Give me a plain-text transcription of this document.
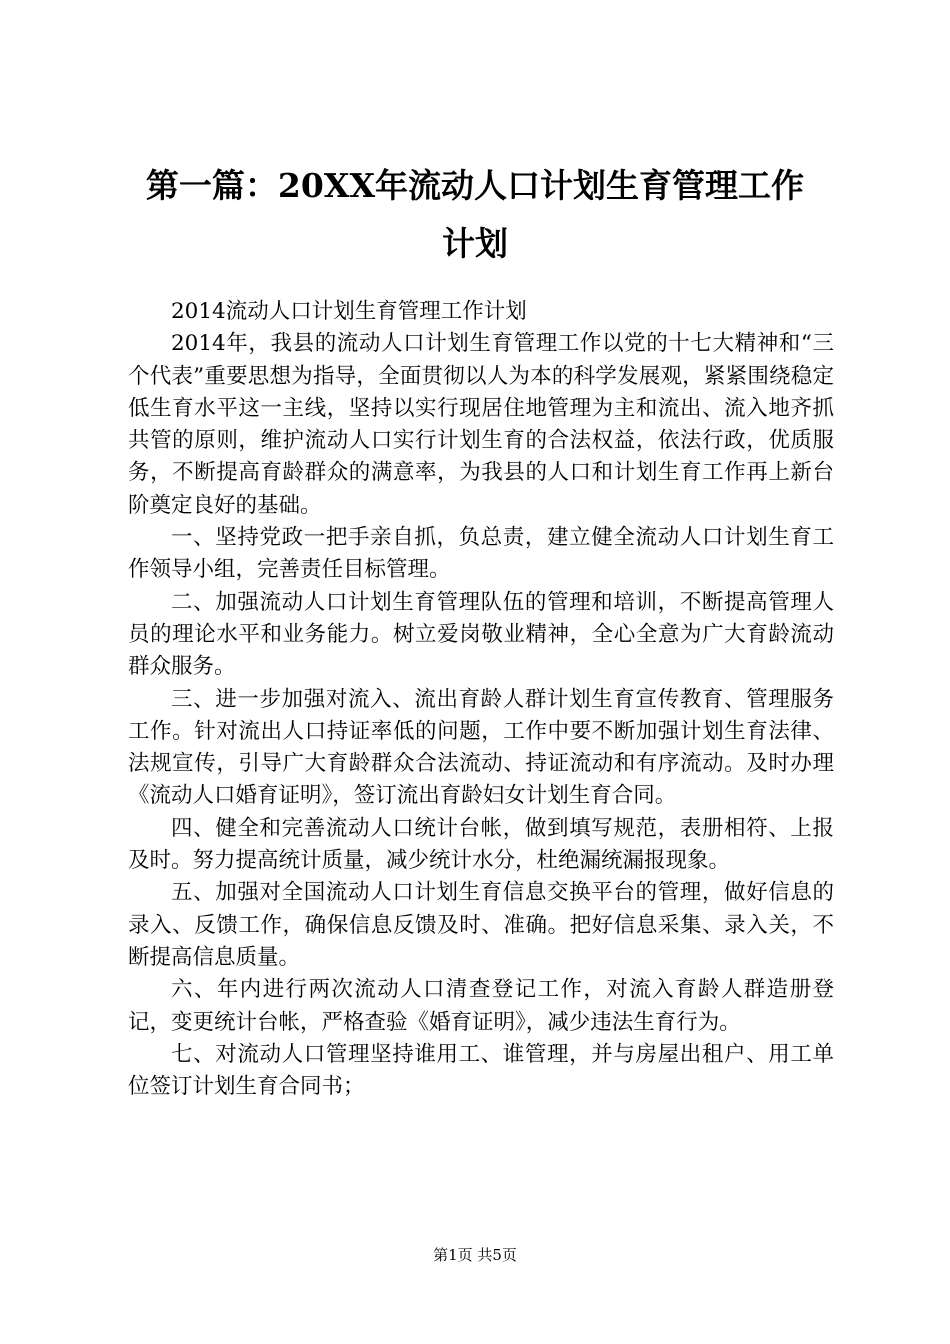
第一篇：20XX年流动人口计划生育管理工作
计划

2014流动人口计划生育管理工作计划

2014年，我县的流动人口计划生育管理工作以党的十七大精神和“三个代表”重要思想为指导，全面贯彻以人为本的科学发展观，紧紧围绕稳定低生育水平这一主线，坚持以实行现居住地管理为主和流出、流入地齐抓共管的原则，维护流动人口实行计划生育的合法权益，依法行政，优质服务，不断提高育龄群众的满意率，为我县的人口和计划生育工作再上新台阶奠定良好的基础。

一、坚持党政一把手亲自抓，负总责，建立健全流动人口计划生育工作领导小组，完善责任目标管理。

二、加强流动人口计划生育管理队伍的管理和培训，不断提高管理人员的理论水平和业务能力。树立爱岗敬业精神，全心全意为广大育龄流动群众服务。

三、进一步加强对流入、流出育龄人群计划生育宣传教育、管理服务工作。针对流出人口持证率低的问题，工作中要不断加强计划生育法律、法规宣传，引导广大育龄群众合法流动、持证流动和有序流动。及时办理《流动人口婚育证明》，签订流出育龄妇女计划生育合同。

四、健全和完善流动人口统计台帐，做到填写规范，表册相符、上报及时。努力提高统计质量，减少统计水分，杜绝漏统漏报现象。

五、加强对全国流动人口计划生育信息交换平台的管理，做好信息的录入、反馈工作，确保信息反馈及时、准确。把好信息采集、录入关，不断提高信息质量。

六、年内进行两次流动人口清查登记工作，对流入育龄人群造册登记，变更统计台帐，严格查验《婚育证明》，减少违法生育行为。

七、对流动人口管理坚持谁用工、谁管理，并与房屋出租户、用工单位签订计划生育合同书；

第1页 共5页
